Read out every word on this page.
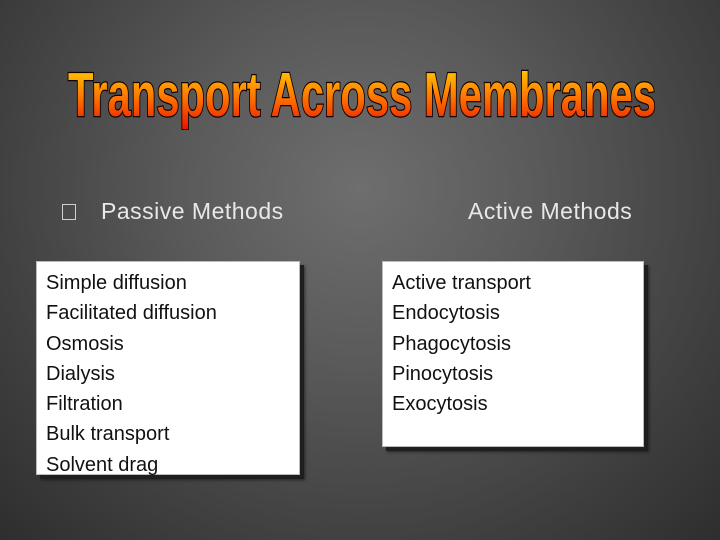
Transport Across Membranes
Passive Methods	Active Methods
Simple diffusion
Facilitated diffusion
Osmosis
Dialysis
Filtration
Bulk transport
Solvent drag
Active transport
Endocytosis
Phagocytosis
Pinocytosis
Exocytosis
